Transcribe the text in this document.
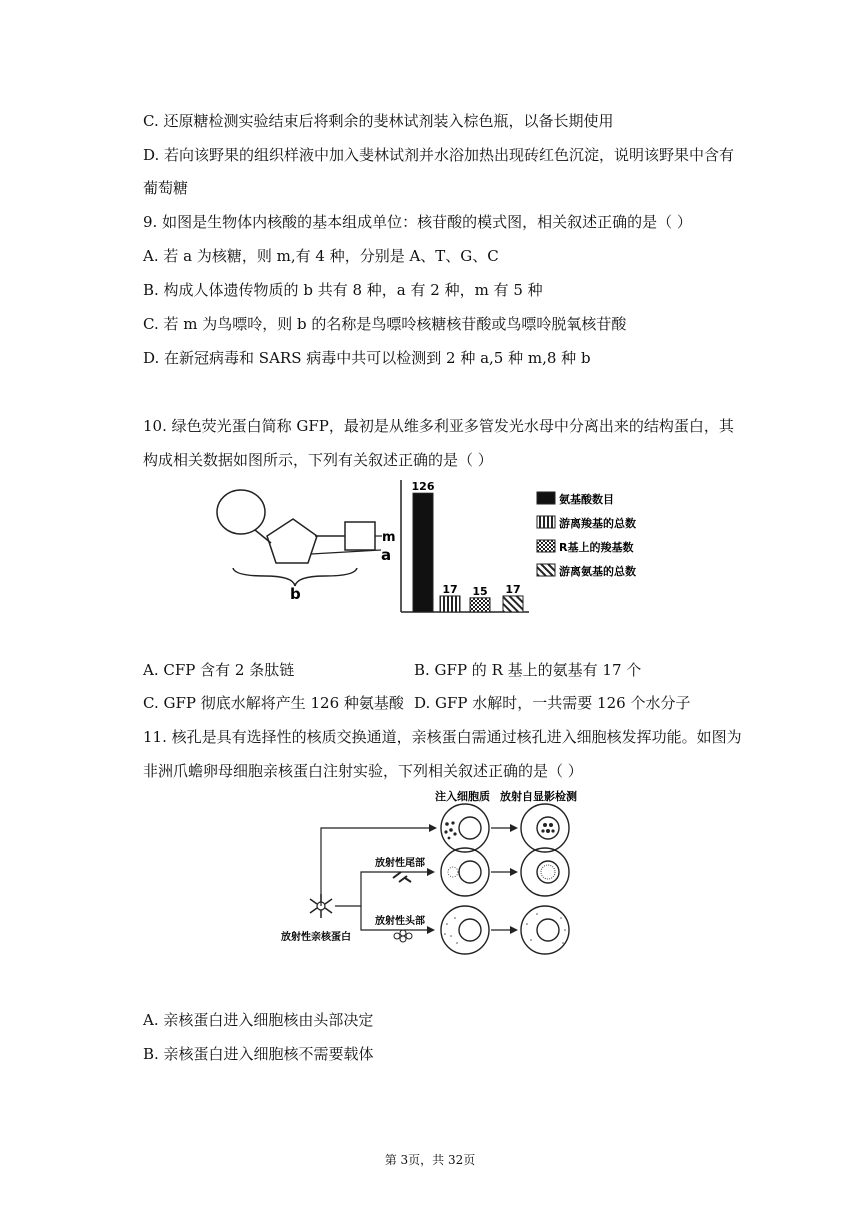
C. 还原糖检测实验结束后将剩余的斐林试剂装入棕色瓶，以备长期使用
D. 若向该野果的组织样液中加入斐林试剂并水浴加热出现砖红色沉淀，说明该野果中含有
葡萄糖
9. 如图是生物体内核酸的基本组成单位：核苷酸的模式图，相关叙述正确的是（ ）
A. 若 a 为核糖，则 m,有 4 种，分别是 A、T、G、C
B. 构成人体遗传物质的 b 共有 8 种，a 有 2 种，m 有 5 种
C. 若 m 为鸟嘌呤，则 b 的名称是鸟嘌呤核糖核苷酸或鸟嘌呤脱氧核苷酸
D. 在新冠病毒和 SARS 病毒中共可以检测到 2 种 a,5 种 m,8 种 b
10. 绿色荧光蛋白简称 GFP，最初是从维多利亚多管发光水母中分离出来的结构蛋白，其
构成相关数据如图所示，下列有关叙述正确的是（ ）
m
a
b
126
17 15 17
氨基酸数目
游离羧基的总数
R基上的羧基数
游离氨基的总数
A. CFP 含有 2 条肽链	B. GFP 的 R 基上的氨基有 17 个
C. GFP 彻底水解将产生 126 种氨基酸 D. GFP 水解时，一共需要 126 个水分子
11. 核孔是具有选择性的核质交换通道，亲核蛋白需通过核孔进入细胞核发挥功能。如图为
非洲爪蟾卵母细胞亲核蛋白注射实验，下列相关叙述正确的是（ ）
注入细胞质 放射自显影检测
放射性亲核蛋白
放射性尾部
放射性头部
A. 亲核蛋白进入细胞核由头部决定
B. 亲核蛋白进入细胞核不需要载体
第 3页，共 32页
